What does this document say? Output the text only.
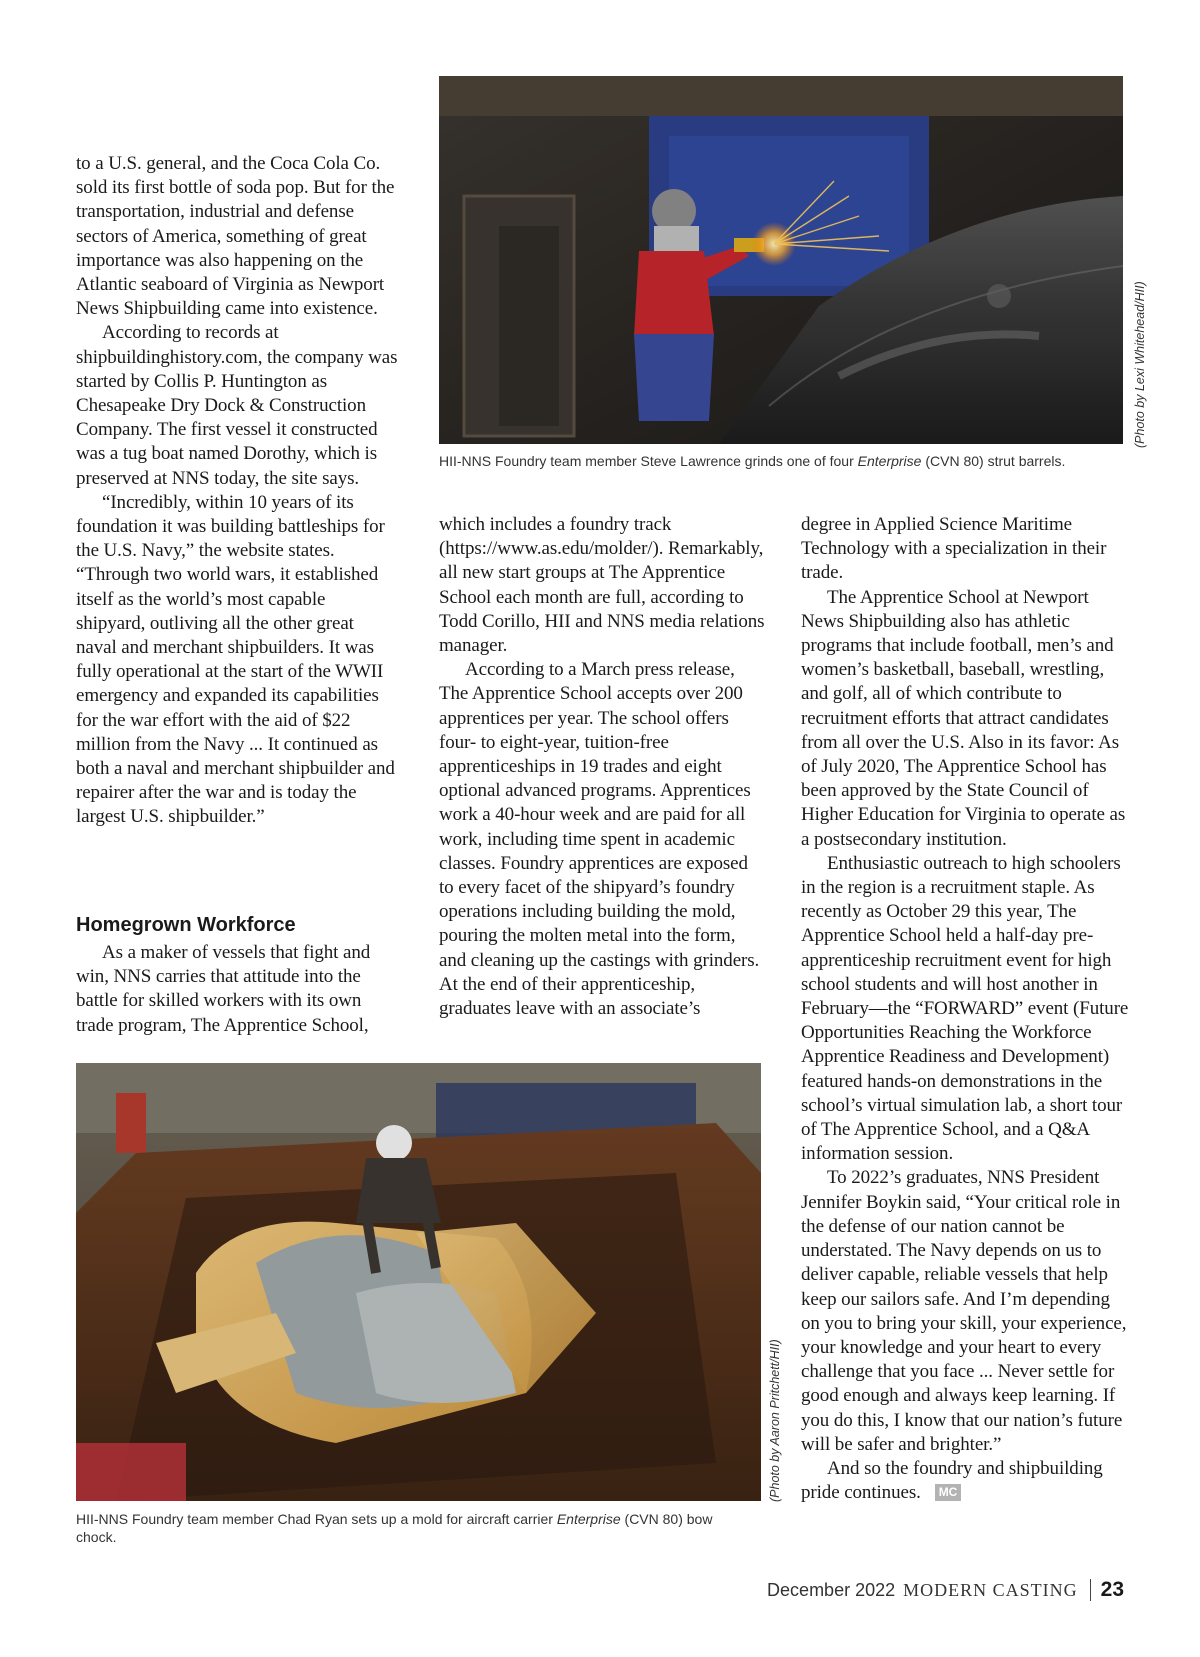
to a U.S. general, and the Coca Cola Co. sold its first bottle of soda pop. But for the transportation, industrial and defense sectors of America, something of great importance was also happening on the Atlantic seaboard of Virginia as Newport News Shipbuilding came into existence.

According to records at shipbuildinghistory.com, the company was started by Collis P. Huntington as Chesapeake Dry Dock & Construction Company. The first vessel it constructed was a tug boat named Dorothy, which is preserved at NNS today, the site says.

“Incredibly, within 10 years of its foundation it was building battleships for the U.S. Navy,” the website states. “Through two world wars, it established itself as the world’s most capable shipyard, outliving all the other great naval and merchant shipbuilders. It was fully operational at the start of the WWII emergency and expanded its capabilities for the war effort with the aid of $22 million from the Navy ... It continued as both a naval and merchant shipbuilder and repairer after the war and is today the largest U.S. shipbuilder.”

Homegrown Workforce

As a maker of vessels that fight and win, NNS carries that attitude into the battle for skilled workers with its own trade program, The Apprentice School,

which includes a foundry track (https://www.as.edu/molder/). Remarkably, all new start groups at The Apprentice School each month are full, according to Todd Corillo, HII and NNS media relations manager.

According to a March press release, The Apprentice School accepts over 200 apprentices per year. The school offers four- to eight-year, tuition-free apprenticeships in 19 trades and eight optional advanced programs. Apprentices work a 40-hour week and are paid for all work, including time spent in academic classes. Foundry apprentices are exposed to every facet of the shipyard’s foundry operations including building the mold, pouring the molten metal into the form, and cleaning up the castings with grinders. At the end of their apprenticeship, graduates leave with an associate’s

degree in Applied Science Maritime Technology with a specialization in their trade.

The Apprentice School at Newport News Shipbuilding also has athletic programs that include football, men’s and women’s basketball, baseball, wrestling, and golf, all of which contribute to recruitment efforts that attract candidates from all over the U.S. Also in its favor: As of July 2020, The Apprentice School has been approved by the State Council of Higher Education for Virginia to operate as a postsecondary institution.

Enthusiastic outreach to high schoolers in the region is a recruitment staple. As recently as October 29 this year, The Apprentice School held a half-day pre-apprenticeship recruitment event for high school students and will host another in February—the “FORWARD” event (Future Opportunities Reaching the Workforce Apprentice Readiness and Development) featured hands-on demonstrations in the school’s virtual simulation lab, a short tour of The Apprentice School, and a Q&A information session.

To 2022’s graduates, NNS President Jennifer Boykin said, “Your critical role in the defense of our nation cannot be understated. The Navy depends on us to deliver capable, reliable vessels that help keep our sailors safe. And I’m depending on you to bring your skill, your experience, your knowledge and your heart to every challenge that you face ... Never settle for good enough and always keep learning. If you do this, I know that our nation’s future will be safer and brighter.”

And so the foundry and shipbuilding pride continues. MC

HII-NNS Foundry team member Steve Lawrence grinds one of four Enterprise (CVN 80) strut barrels.
(Photo by Lexi Whitehead/HII)
HII-NNS Foundry team member Chad Ryan sets up a mold for aircraft carrier Enterprise (CVN 80) bow chock.
(Photo by Aaron Pritchett/HII)
December 2022 MODERN CASTING 23
